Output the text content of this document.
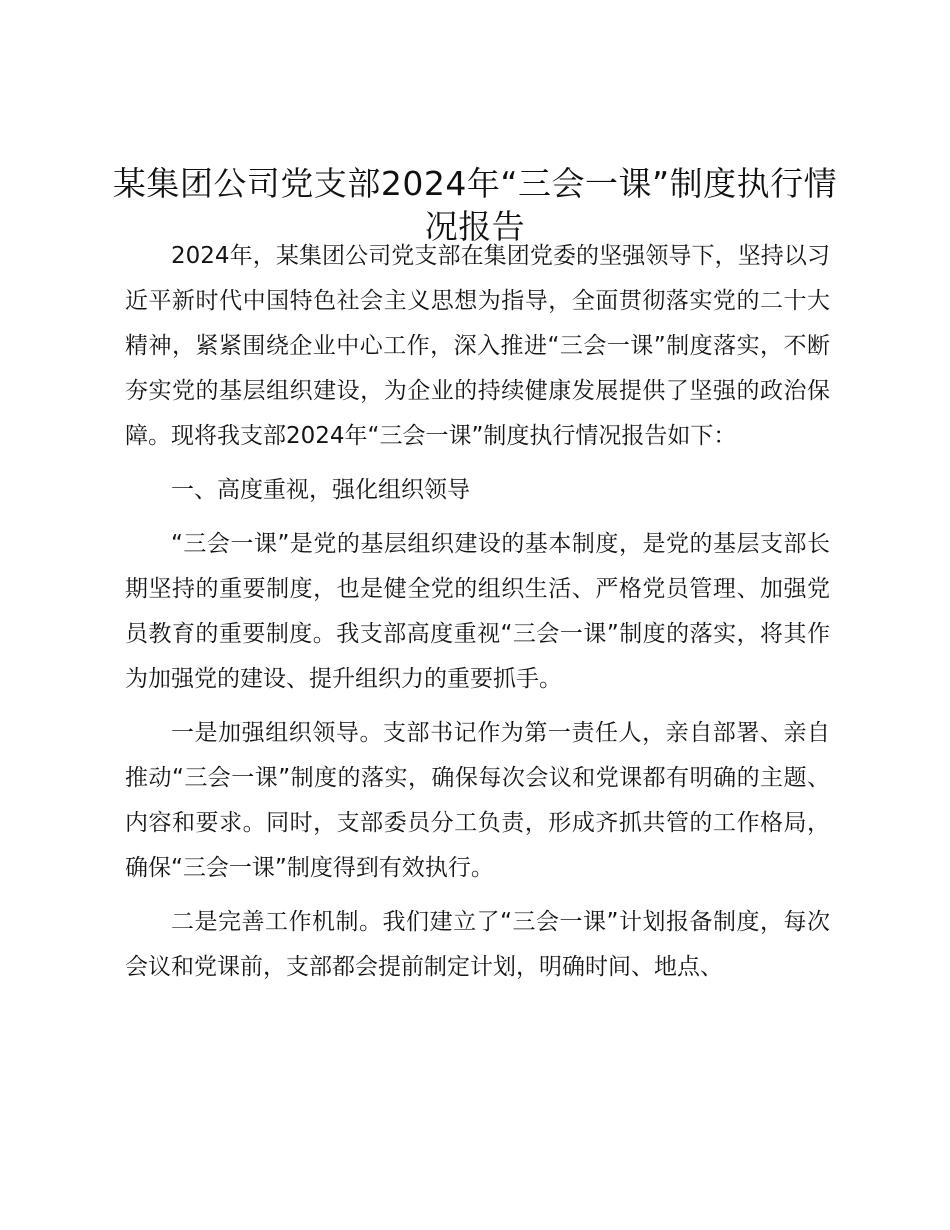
某集团公司党支部2024年“三会一课”制度执行情况报告

2024年，某集团公司党支部在集团党委的坚强领导下，坚持以习近平新时代中国特色社会主义思想为指导，全面贯彻落实党的二十大精神，紧紧围绕企业中心工作，深入推进“三会一课”制度落实，不断夯实党的基层组织建设，为企业的持续健康发展提供了坚强的政治保障。现将我支部2024年“三会一课”制度执行情况报告如下：

一、高度重视，强化组织领导

“三会一课”是党的基层组织建设的基本制度，是党的基层支部长期坚持的重要制度，也是健全党的组织生活、严格党员管理、加强党员教育的重要制度。我支部高度重视“三会一课”制度的落实，将其作为加强党的建设、提升组织力的重要抓手。

一是加强组织领导。支部书记作为第一责任人，亲自部署、亲自推动“三会一课”制度的落实，确保每次会议和党课都有明确的主题、内容和要求。同时，支部委员分工负责，形成齐抓共管的工作格局，确保“三会一课”制度得到有效执行。

二是完善工作机制。我们建立了“三会一课”计划报备制度，每次会议和党课前，支部都会提前制定计划，明确时间、地点、
